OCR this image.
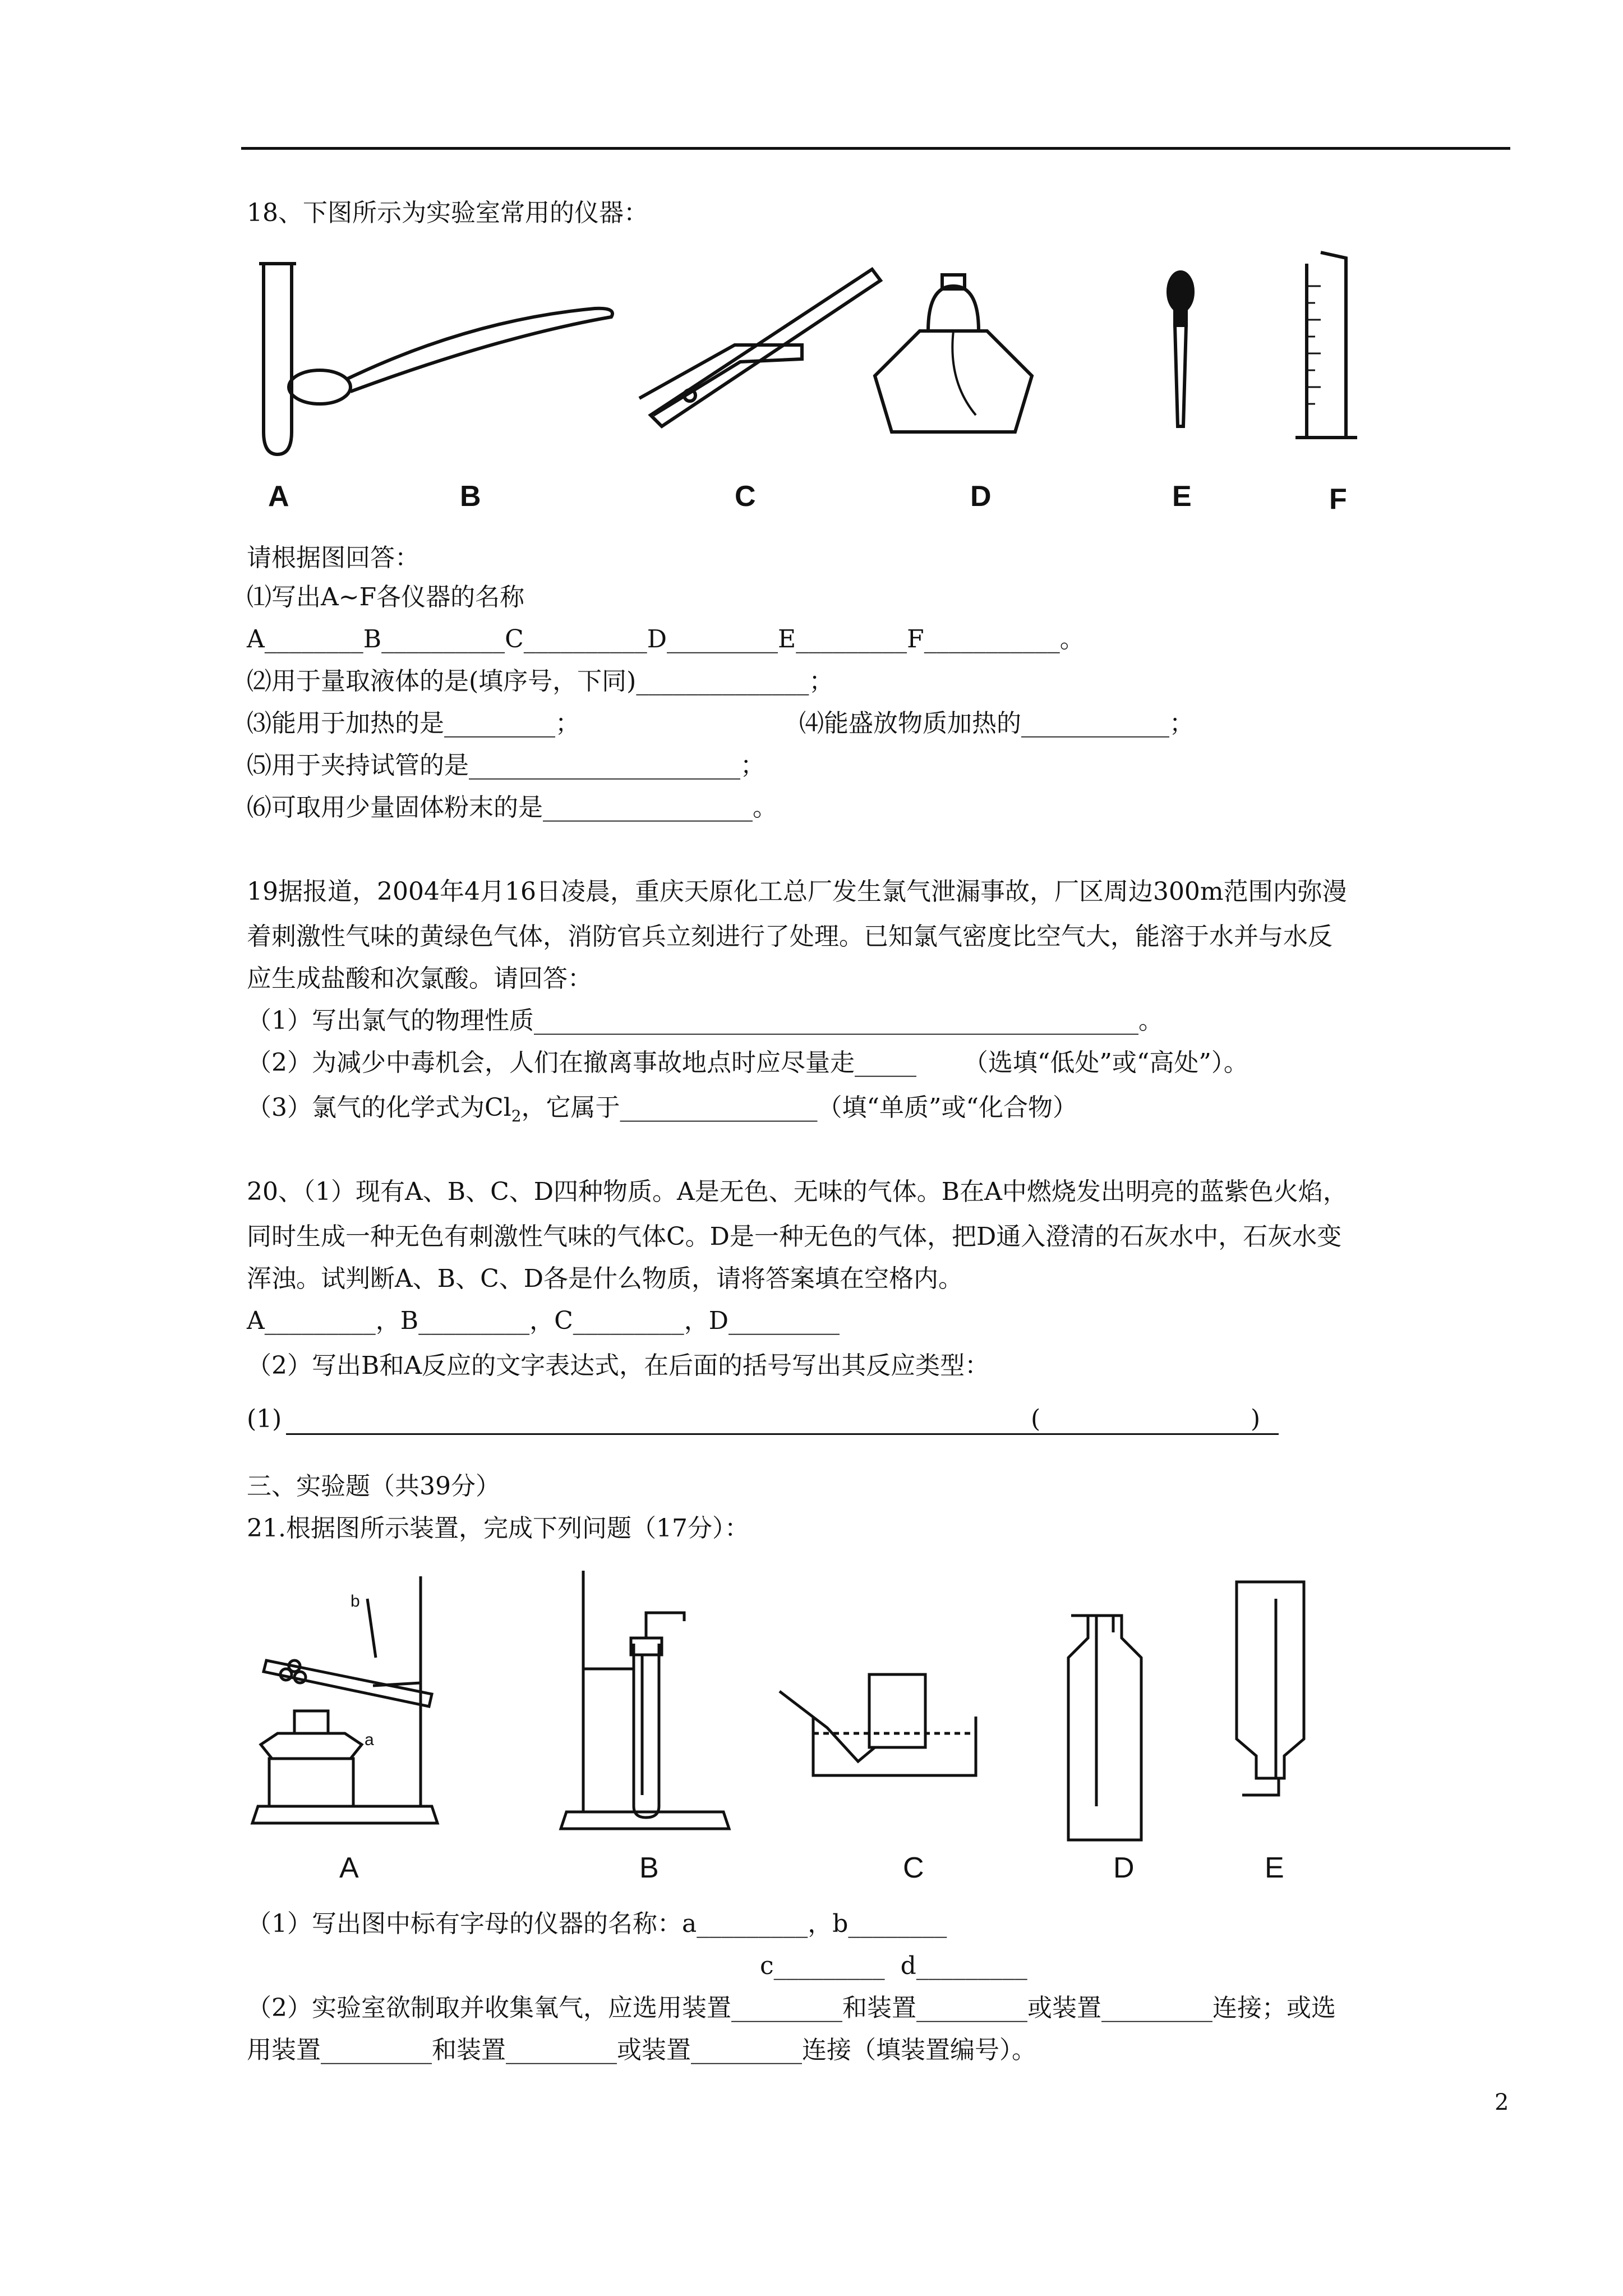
18、下图所示为实验室常用的仪器：
A	B	C	D	E	F
请根据图回答：
⑴写出A~F各仪器的名称
A________B__________C__________D_________E_________F___________。
⑵用于量取液体的是(填序号，下同)______________；
⑶能用于加热的是_________；	⑷能盛放物质加热的____________；
⑸用于夹持试管的是______________________；
⑹可取用少量固体粉末的是_________________。
19据报道，2004年4月16日凌晨，重庆天原化工总厂发生氯气泄漏事故，厂区周边300m范围内弥漫
着刺激性气味的黄绿色气体，消防官兵立刻进行了处理。已知氯气密度比空气大，能溶于水并与水反
应生成盐酸和次氯酸。请回答：
（1）写出氯气的物理性质_________________________________________________。
（2）为减少中毒机会，人们在撤离事故地点时应尽量走_____      （选填“低处”或“高处”）。
（3）氯气的化学式为$Cl_2$，它属于________________（填“单质”或“化合物）
20、（1）现有A、B、C、D四种物质。A是无色、无味的气体。B在A中燃烧发出明亮的蓝紫色火焰，
同时生成一种无色有刺激性气味的气体C。D是一种无色的气体，把D通入澄清的石灰水中，石灰水变
浑浊。试判断A、B、C、D各是什么物质，请将答案填在空格内。
A_________，B_________，C_________，D_________
（2）写出B和A反应的文字表达式，在后面的括号写出其反应类型：
(1)	(	)
三、实验题（共39分）
21.根据图所示装置，完成下列问题（17分）：
b
a
A	B	C	D	E
（1）写出图中标有字母的仪器的名称：a_________，b________
c_________  d_________
（2）实验室欲制取并收集氧气，应选用装置_________和装置_________或装置_________连接；或选
用装置_________和装置_________或装置_________连接（填装置编号）。
2
